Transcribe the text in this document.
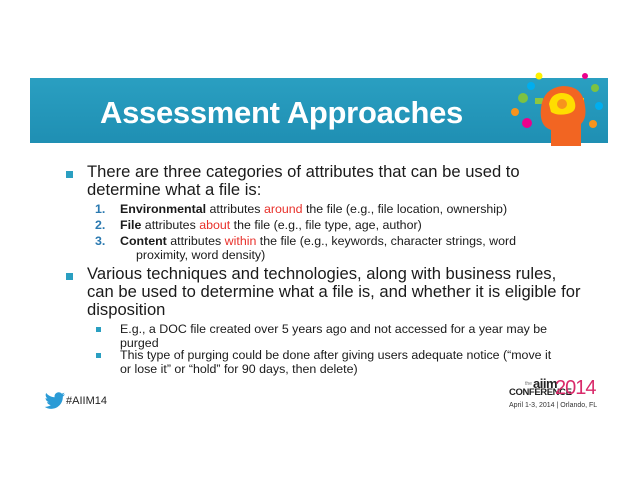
Assessment Approaches
There are three categories of attributes that can be used to
determine what a file is:
1. Environmental attributes around the file (e.g., file location, ownership)
2. File attributes about the file (e.g., file type, age, author)
3. Content attributes within the file (e.g., keywords, character strings, word
proximity, word density)
Various techniques and technologies, along with business rules,
can be used to determine what a file is, and whether it is eligible for
disposition
E.g., a DOC file created over 5 years ago and not accessed for a year may be
purged
This type of purging could be done after giving users adequate notice (“move it
or lose it” or “hold” for 90 days, then delete)
#AIIM14
the aiim
CONFERENCE
2014
April 1-3, 2014 | Orlando, FL
